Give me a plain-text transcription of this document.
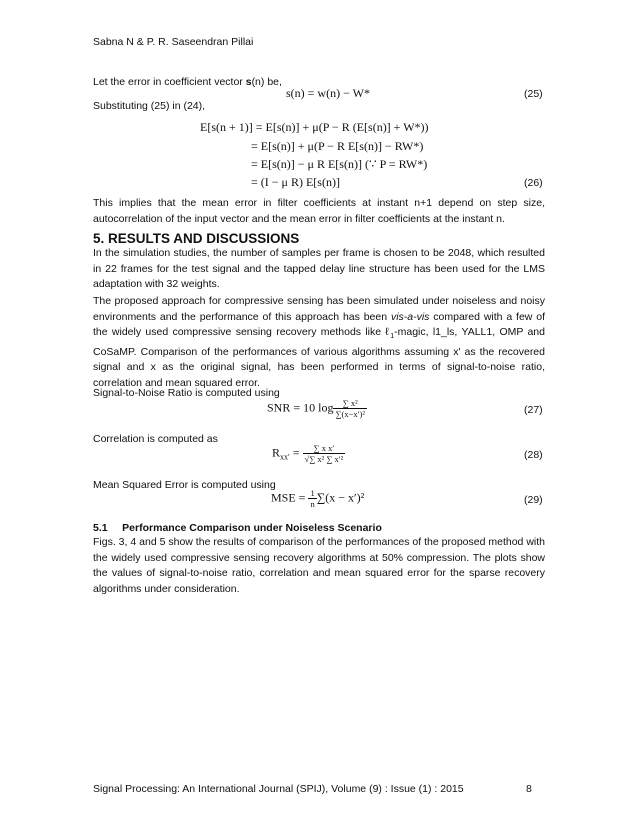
Sabna N & P. R. Saseendran Pillai
Let the error in coefficient vector s(n) be,
s(n) = w(n) − W*	(25)
Substituting (25) in (24),
E[s(n + 1)] = E[s(n)] + μ(P − R (E[s(n)] + W*))
= E[s(n)] + μ(P − R E[s(n)] − RW*)
= E[s(n)] − μ R E[s(n)] (∵ P = RW*)
= (I − μ R) E[s(n)]	(26)
This implies that the mean error in filter coefficients at instant n+1 depend on step size, autocorrelation of the input vector and the mean error in filter coefficients at the instant n.
5. RESULTS AND DISCUSSIONS
In the simulation studies, the number of samples per frame is chosen to be 2048, which resulted in 22 frames for the test signal and the tapped delay line structure has been used for the LMS adaptation with 32 weights.
The proposed approach for compressive sensing has been simulated under noiseless and noisy environments and the performance of this approach has been vis-a-vis compared with a few of the widely used compressive sensing recovery methods like ℓ$_1$-magic, l1_ls, YALL1, OMP and CoSaMP. Comparison of the performances of various algorithms assuming x' as the recovered signal and x as the original signal, has been performed in terms of signal-to-noise ratio, correlation and mean squared error.
Signal-to-Noise Ratio is computed using
SNR = 10 $\log \frac{\text{∑ x²}}{\text{∑(x−x′)²}}$	(27)
Correlation is computed as
$R_{xx'} = \frac{\text{∑ x x′}}{\text{√∑ x² ∑ x′²}}$	(28)
Mean Squared Error is computed using
MSE = $\frac{1}{n} \sum(x - x')^2$	(29)
5.1     Performance Comparison under Noiseless Scenario
Figs. 3, 4 and 5 show the results of comparison of the performances of the proposed method with the widely used compressive sensing recovery algorithms at 50% compression. The plots show the values of signal-to-noise ratio, correlation and mean squared error for the sparse recovery algorithms under consideration.
Signal Processing: An International Journal (SPIJ), Volume (9) : Issue (1) : 2015	8
